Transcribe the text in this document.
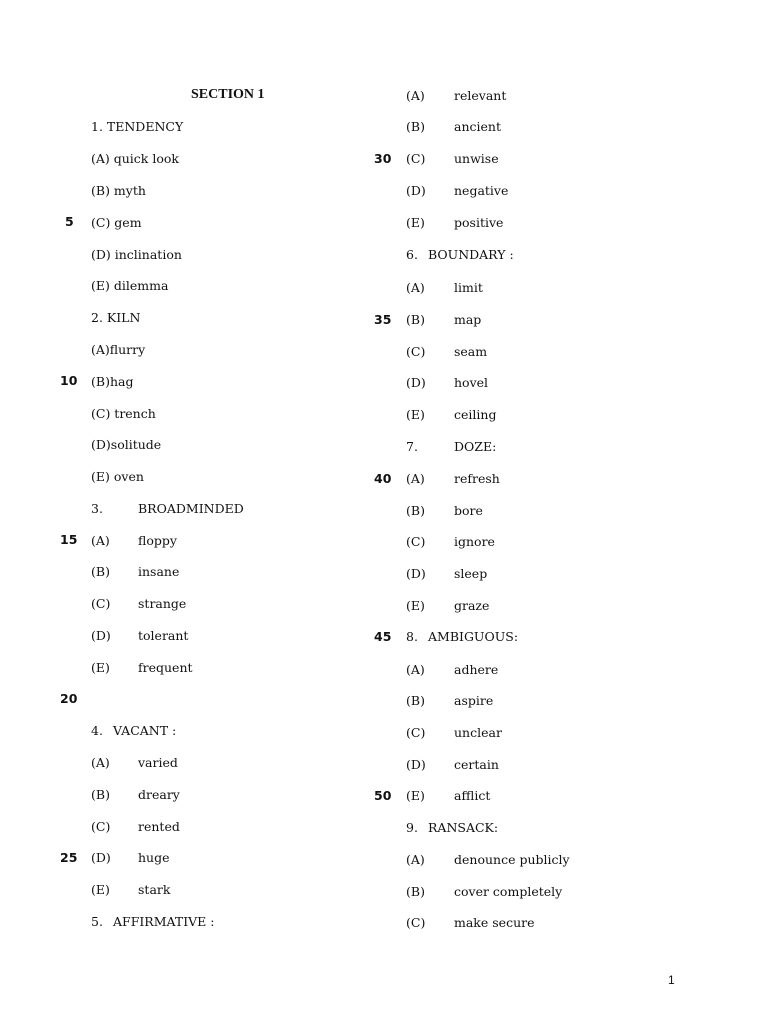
SECTION 1
1. TENDENCY
(A) quick look
(B) myth
(C) gem
(D) inclination
(E) dilemma
2. KILN
(A)flurry
(B)hag
(C) trench
(D)solitude
(E) oven
3.	BROADMINDED
(A) floppy
(B) insane
(C) strange
(D) tolerant
(E) frequent
4. VACANT :
(A) varied
(B) dreary
(C) rented
(D) huge
(E) stark
5. AFFIRMATIVE :
5
10
15
20
25
30
35
40
45
50
(A) relevant
(B) ancient
(C) unwise
(D) negative
(E) positive
6. BOUNDARY :
(A) limit
(B) map
(C) seam
(D) hovel
(E) ceiling
7.	DOZE:
(A) refresh
(B) bore
(C) ignore
(D) sleep
(E) graze
8. AMBIGUOUS:
(A) adhere
(B) aspire
(C) unclear
(D) certain
(E) afflict
9. RANSACK:
(A) denounce publicly
(B) cover completely
(C) make secure
1
